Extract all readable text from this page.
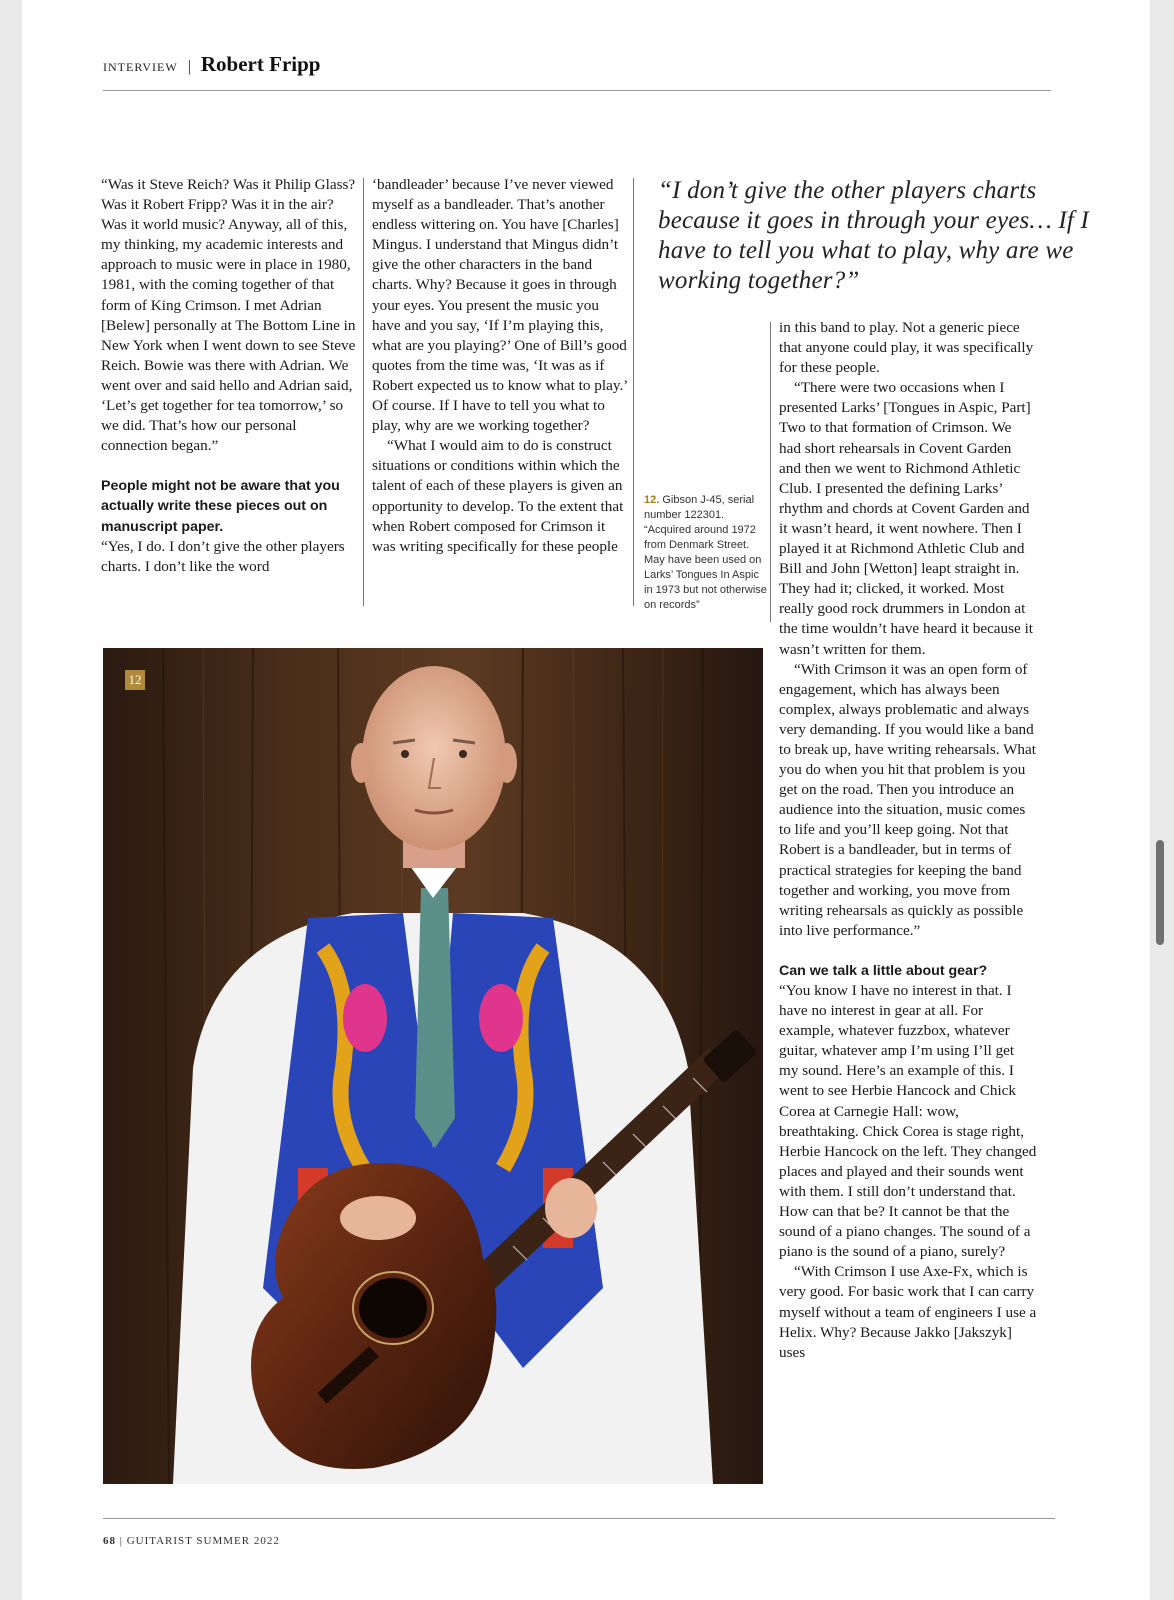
INTERVIEW | Robert Fripp

“Was it Steve Reich? Was it Philip Glass? Was it Robert Fripp? Was it in the air? Was it world music? Anyway, all of this, my thinking, my academic interests and approach to music were in place in 1980, 1981, with the coming together of that form of King Crimson. I met Adrian [Belew] personally at The Bottom Line in New York when I went down to see Steve Reich. Bowie was there with Adrian. We went over and said hello and Adrian said, ‘Let’s get together for tea tomorrow,’ so we did. That’s how our personal connection began.”

People might not be aware that you actually write these pieces out on manuscript paper.

“Yes, I do. I don’t give the other players charts. I don’t like the word

‘bandleader’ because I’ve never viewed myself as a bandleader. That’s another endless wittering on. You have [Charles] Mingus. I understand that Mingus didn’t give the other characters in the band charts. Why? Because it goes in through your eyes. You present the music you have and you say, ‘If I’m playing this, what are you playing?’ One of Bill’s good quotes from the time was, ‘It was as if Robert expected us to know what to play.’ Of course. If I have to tell you what to play, why are we working together?

“What I would aim to do is construct situations or conditions within which the talent of each of these players is given an opportunity to develop. To the extent that when Robert composed for Crimson it was writing specifically for these people

“I don’t give the other players charts because it goes in through your eyes… If I have to tell you what to play, why are we working together?”
12. Gibson J-45, serial number 122301. “Acquired around 1972 from Denmark Street. May have been used on Larks’ Tongues In Aspic in 1973 but not otherwise on records”

in this band to play. Not a generic piece that anyone could play, it was specifically for these people.

“There were two occasions when I presented Larks’ [Tongues in Aspic, Part] Two to that formation of Crimson. We had short rehearsals in Covent Garden and then we went to Richmond Athletic Club. I presented the defining Larks’ rhythm and chords at Covent Garden and it wasn’t heard, it went nowhere. Then I played it at Richmond Athletic Club and Bill and John [Wetton] leapt straight in. They had it; clicked, it worked. Most really good rock drummers in London at the time wouldn’t have heard it because it wasn’t written for them.

“With Crimson it was an open form of engagement, which has always been complex, always problematic and always very demanding. If you would like a band to break up, have writing rehearsals. What you do when you hit that problem is you get on the road. Then you introduce an audience into the situation, music comes to life and you’ll keep going. Not that Robert is a bandleader, but in terms of practical strategies for keeping the band together and working, you move from writing rehearsals as quickly as possible into live performance.”

Can we talk a little about gear?

“You know I have no interest in that. I have no interest in gear at all. For example, whatever fuzzbox, whatever guitar, whatever amp I’m using I’ll get my sound. Here’s an example of this. I went to see Herbie Hancock and Chick Corea at Carnegie Hall: wow, breathtaking. Chick Corea is stage right, Herbie Hancock on the left. They changed places and played and their sounds went with them. I still don’t understand that. How can that be? It cannot be that the sound of a piano changes. The sound of a piano is the sound of a piano, surely?

“With Crimson I use Axe-Fx, which is very good. For basic work that I can carry myself without a team of engineers I use a Helix. Why? Because Jakko [Jakszyk] uses

12
68 | GUITARIST SUMMER 2022
